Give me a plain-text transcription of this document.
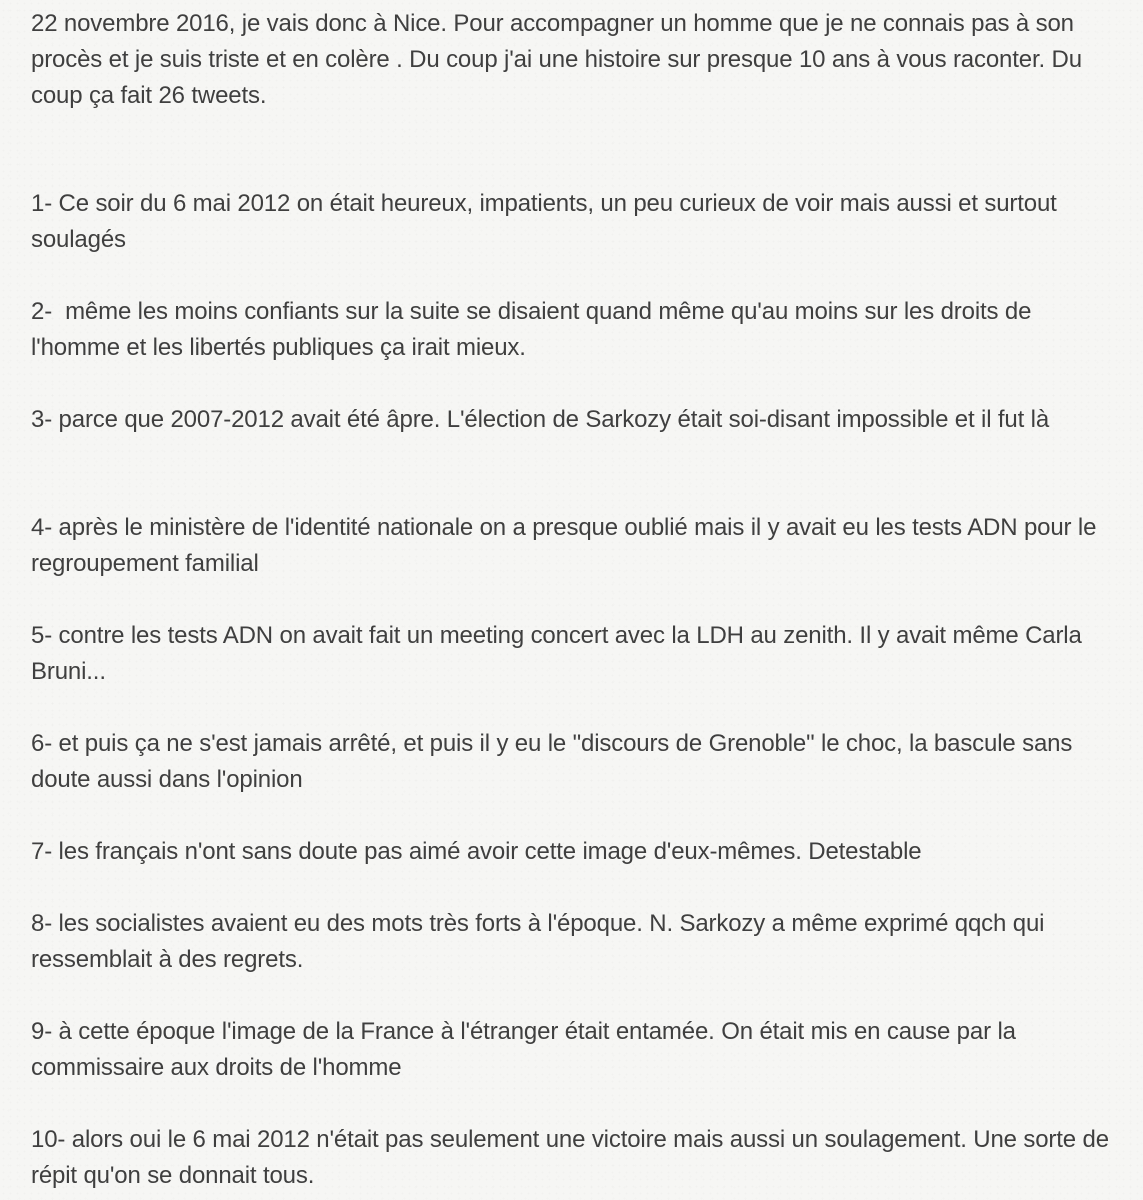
22 novembre 2016, je vais donc à Nice. Pour accompagner un homme que je ne connais pas à son procès et je suis triste et en colère . Du coup j'ai une histoire sur presque 10 ans à vous raconter. Du coup ça fait 26 tweets.

1- Ce soir du 6 mai 2012 on était heureux, impatients, un peu curieux de voir mais aussi et surtout soulagés

2-  même les moins confiants sur la suite se disaient quand même qu'au moins sur les droits de l'homme et les libertés publiques ça irait mieux.

3- parce que 2007-2012 avait été âpre. L'élection de Sarkozy était soi-disant impossible et il fut là

4- après le ministère de l'identité nationale on a presque oublié mais il y avait eu les tests ADN pour le regroupement familial

5- contre les tests ADN on avait fait un meeting concert avec la LDH au zenith. Il y avait même Carla Bruni...

6- et puis ça ne s'est jamais arrêté, et puis il y eu le "discours de Grenoble" le choc, la bascule sans doute aussi dans l'opinion

7- les français n'ont sans doute pas aimé avoir cette image d'eux-mêmes. Detestable

8- les socialistes avaient eu des mots très forts à l'époque. N. Sarkozy a même exprimé qqch qui ressemblait à des regrets.

9- à cette époque l'image de la France à l'étranger était entamée. On était mis en cause par la commissaire aux droits de l'homme

10- alors oui le 6 mai 2012 n'était pas seulement une victoire mais aussi un soulagement. Une sorte de répit qu'on se donnait tous.
